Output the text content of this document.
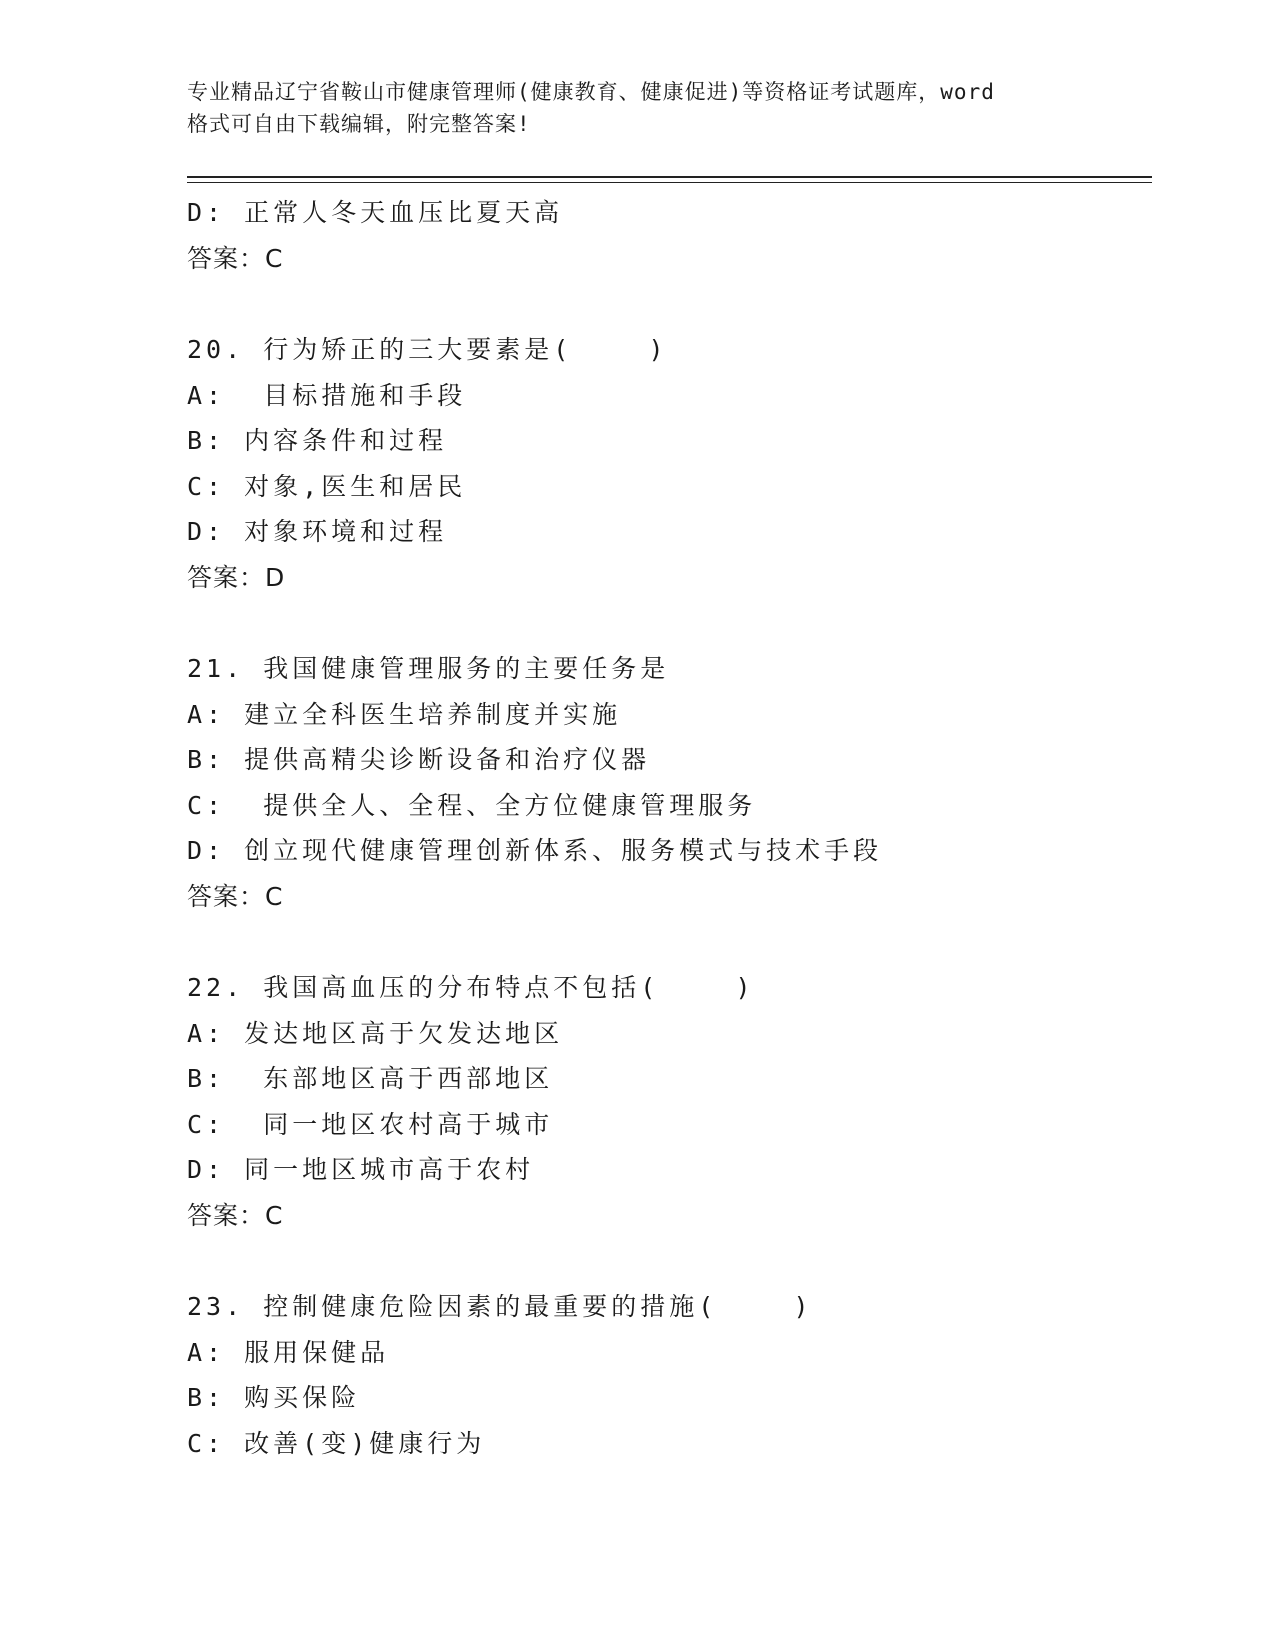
专业精品辽宁省鞍山市健康管理师(健康教育、健康促进)等资格证考试题库，word
格式可自由下载编辑，附完整答案!
D: 正常人冬天血压比夏天高
答案：C
20. 行为矫正的三大要素是(    )
A:  目标措施和手段
B: 内容条件和过程
C: 对象,医生和居民
D: 对象环境和过程
答案：D
21. 我国健康管理服务的主要任务是
A: 建立全科医生培养制度并实施
B: 提供高精尖诊断设备和治疗仪器
C:  提供全人、全程、全方位健康管理服务
D: 创立现代健康管理创新体系、服务模式与技术手段
答案：C
22. 我国高血压的分布特点不包括(    )
A: 发达地区高于欠发达地区
B:  东部地区高于西部地区
C:  同一地区农村高于城市
D: 同一地区城市高于农村
答案：C
23. 控制健康危险因素的最重要的措施(    )
A: 服用保健品
B: 购买保险
C: 改善(变)健康行为
